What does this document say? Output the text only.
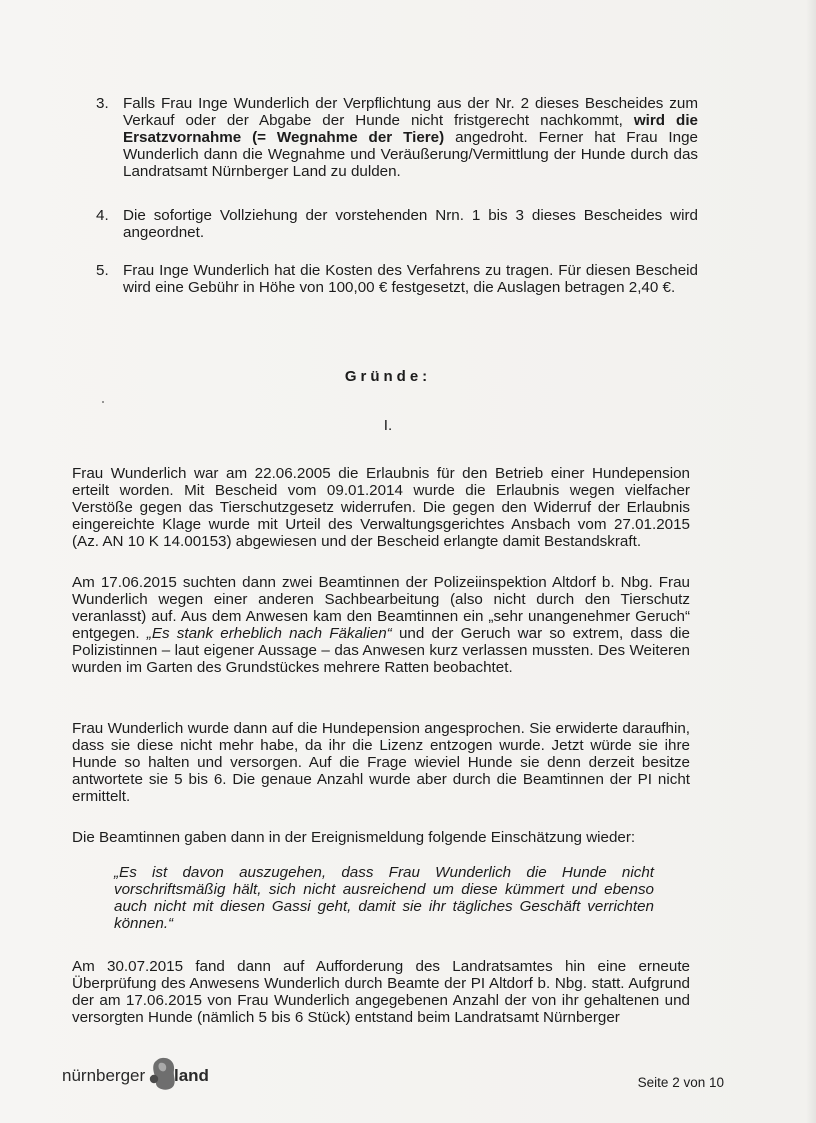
3. Falls Frau Inge Wunderlich der Verpflichtung aus der Nr. 2 dieses Bescheides zum Verkauf oder der Abgabe der Hunde nicht fristgerecht nachkommt, wird die Ersatzvornahme (= Wegnahme der Tiere) angedroht. Ferner hat Frau Inge Wunderlich dann die Wegnahme und Veräußerung/Vermittlung der Hunde durch das Landratsamt Nürnberger Land zu dulden.
4. Die sofortige Vollziehung der vorstehenden Nrn. 1 bis 3 dieses Bescheides wird angeordnet.
5. Frau Inge Wunderlich hat die Kosten des Verfahrens zu tragen. Für diesen Bescheid wird eine Gebühr in Höhe von 100,00 € festgesetzt, die Auslagen betragen 2,40 €.
Gründe:
I.
Frau Wunderlich war am 22.06.2005 die Erlaubnis für den Betrieb einer Hundepension erteilt worden. Mit Bescheid vom 09.01.2014 wurde die Erlaubnis wegen vielfacher Verstöße gegen das Tierschutzgesetz widerrufen. Die gegen den Widerruf der Erlaubnis eingereichte Klage wurde mit Urteil des Verwaltungsgerichtes Ansbach vom 27.01.2015 (Az. AN 10 K 14.00153) abgewiesen und der Bescheid erlangte damit Bestandskraft.
Am 17.06.2015 suchten dann zwei Beamtinnen der Polizeiinspektion Altdorf b. Nbg. Frau Wunderlich wegen einer anderen Sachbearbeitung (also nicht durch den Tierschutz veranlasst) auf. Aus dem Anwesen kam den Beamtinnen ein „sehr unangenehmer Geruch“ entgegen. „Es stank erheblich nach Fäkalien“ und der Geruch war so extrem, dass die Polizistinnen – laut eigener Aussage – das Anwesen kurz verlassen mussten. Des Weiteren wurden im Garten des Grundstückes mehrere Ratten beobachtet.
Frau Wunderlich wurde dann auf die Hundepension angesprochen. Sie erwiderte daraufhin, dass sie diese nicht mehr habe, da ihr die Lizenz entzogen wurde. Jetzt würde sie ihre Hunde so halten und versorgen. Auf die Frage wieviel Hunde sie denn derzeit besitze antwortete sie 5 bis 6. Die genaue Anzahl wurde aber durch die Beamtinnen der PI nicht ermittelt.
Die Beamtinnen gaben dann in der Ereignismeldung folgende Einschätzung wieder:
„Es ist davon auszugehen, dass Frau Wunderlich die Hunde nicht vorschriftsmäßig hält, sich nicht ausreichend um diese kümmert und ebenso auch nicht mit diesen Gassi geht, damit sie ihr tägliches Geschäft verrichten können.“
Am 30.07.2015 fand dann auf Aufforderung des Landratsamtes hin eine erneute Überprüfung des Anwesens Wunderlich durch Beamte der PI Altdorf b. Nbg. statt. Aufgrund der am 17.06.2015 von Frau Wunderlich angegebenen Anzahl der von ihr gehaltenen und versorgten Hunde (nämlich 5 bis 6 Stück) entstand beim Landratsamt Nürnberger
nürnberger land	Seite 2 von 10
